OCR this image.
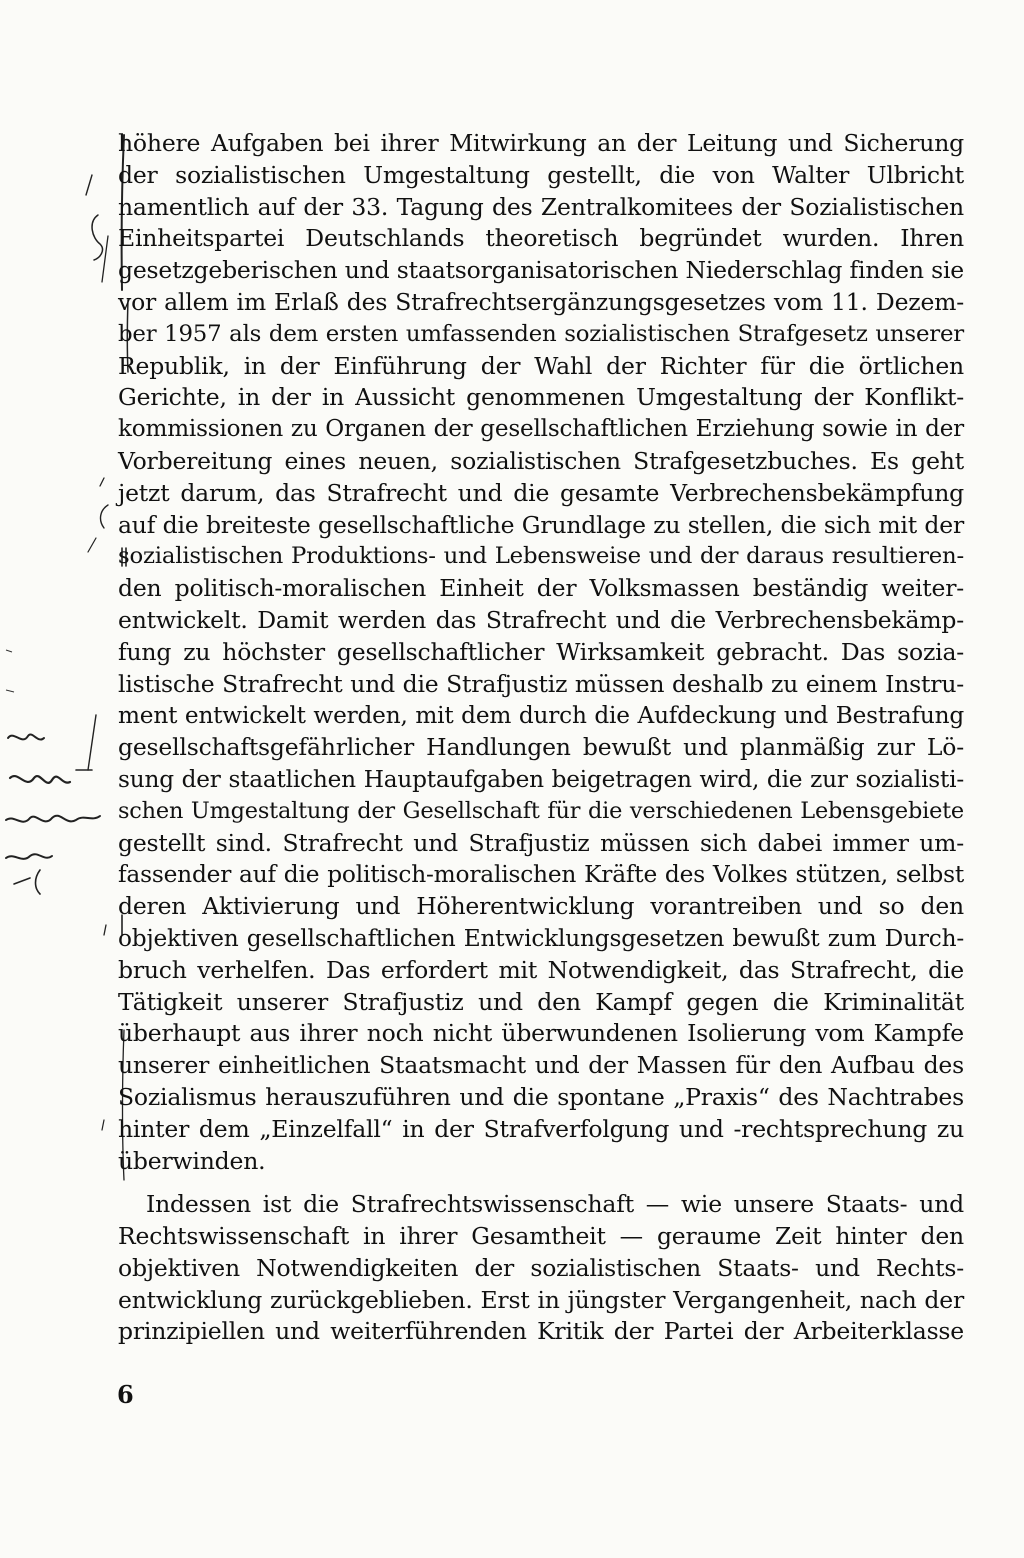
höhere Aufgaben bei ihrer Mitwirkung an der Leitung und Sicherung
der sozialistischen Umgestaltung gestellt, die von Walter Ulbricht
namentlich auf der 33. Tagung des Zentralkomitees der Sozialistischen
Einheitspartei Deutschlands theoretisch begründet wurden. Ihren
gesetzgeberischen und staatsorganisatorischen Niederschlag finden sie
vor allem im Erlaß des Strafrechtsergänzungsgesetzes vom 11. Dezem-
ber 1957 als dem ersten umfassenden sozialistischen Strafgesetz unserer
Republik, in der Einführung der Wahl der Richter für die örtlichen
Gerichte, in der in Aussicht genommenen Umgestaltung der Konflikt-
kommissionen zu Organen der gesellschaftlichen Erziehung sowie in der
Vorbereitung eines neuen, sozialistischen Strafgesetzbuches. Es geht
jetzt darum, das Strafrecht und die gesamte Verbrechensbekämpfung
auf die breiteste gesellschaftliche Grundlage zu stellen, die sich mit der
sozialistischen Produktions- und Lebensweise und der daraus resultieren-
den politisch-moralischen Einheit der Volksmassen beständig weiter-
entwickelt. Damit werden das Strafrecht und die Verbrechensbekämp-
fung zu höchster gesellschaftlicher Wirksamkeit gebracht. Das sozia-
listische Strafrecht und die Strafjustiz müssen deshalb zu einem Instru-
ment entwickelt werden, mit dem durch die Aufdeckung und Bestrafung
gesellschaftsgefährlicher Handlungen bewußt und planmäßig zur Lö-
sung der staatlichen Hauptaufgaben beigetragen wird, die zur sozialisti-
schen Umgestaltung der Gesellschaft für die verschiedenen Lebensgebiete
gestellt sind. Strafrecht und Strafjustiz müssen sich dabei immer um-
fassender auf die politisch-moralischen Kräfte des Volkes stützen, selbst
deren Aktivierung und Höherentwicklung vorantreiben und so den
objektiven gesellschaftlichen Entwicklungsgesetzen bewußt zum Durch-
bruch verhelfen. Das erfordert mit Notwendigkeit, das Strafrecht, die
Tätigkeit unserer Strafjustiz und den Kampf gegen die Kriminalität
überhaupt aus ihrer noch nicht überwundenen Isolierung vom Kampfe
unserer einheitlichen Staatsmacht und der Massen für den Aufbau des
Sozialismus herauszuführen und die spontane „Praxis“ des Nachtrabes
hinter dem „Einzelfall“ in der Strafverfolgung und -rechtsprechung zu
überwinden.
Indessen ist die Strafrechtswissenschaft — wie unsere Staats- und
Rechtswissenschaft in ihrer Gesamtheit — geraume Zeit hinter den
objektiven Notwendigkeiten der sozialistischen Staats- und Rechts-
entwicklung zurückgeblieben. Erst in jüngster Vergangenheit, nach der
prinzipiellen und weiterführenden Kritik der Partei der Arbeiterklasse
6
